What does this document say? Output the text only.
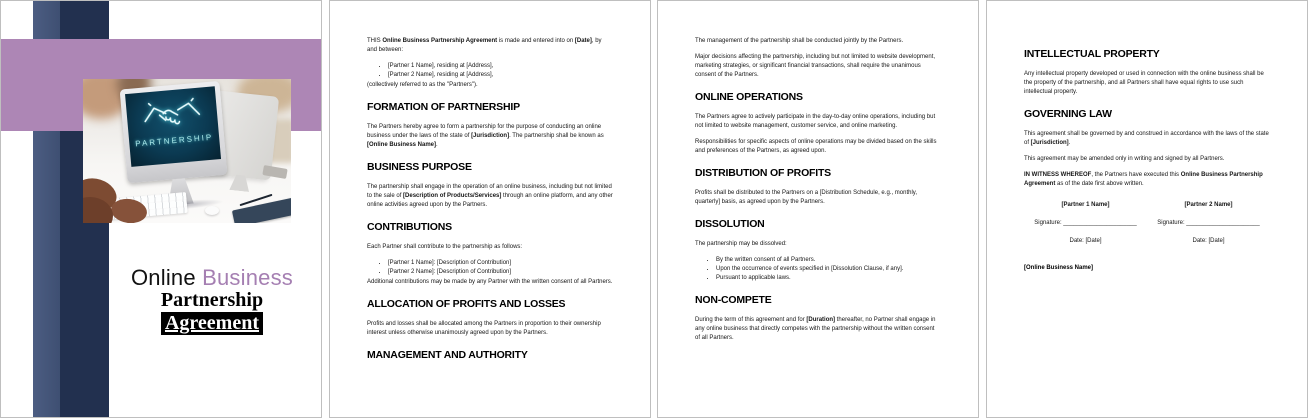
PARTNERSHIP
Online Business
Partnership
Agreement

THIS Online Business Partnership Agreement is made and entered into on [Date], by and between:

• [Partner 1 Name], residing at [Address],
• [Partner 2 Name], residing at [Address],

(collectively referred to as the "Partners").

FORMATION OF PARTNERSHIP

The Partners hereby agree to form a partnership for the purpose of conducting an online business under the laws of the state of [Jurisdiction]. The partnership shall be known as [Online Business Name].

BUSINESS PURPOSE

The partnership shall engage in the operation of an online business, including but not limited to the sale of [Description of Products/Services] through an online platform, and any other online activities agreed upon by the Partners.

CONTRIBUTIONS

Each Partner shall contribute to the partnership as follows:

• [Partner 1 Name]: [Description of Contribution]
• [Partner 2 Name]: [Description of Contribution]

Additional contributions may be made by any Partner with the written consent of all Partners.

ALLOCATION OF PROFITS AND LOSSES

Profits and losses shall be allocated among the Partners in proportion to their ownership interest unless otherwise unanimously agreed upon by the Partners.

MANAGEMENT AND AUTHORITY

The management of the partnership shall be conducted jointly by the Partners.

Major decisions affecting the partnership, including but not limited to website development, marketing strategies, or significant financial transactions, shall require the unanimous consent of the Partners.

ONLINE OPERATIONS

The Partners agree to actively participate in the day-to-day online operations, including but not limited to website management, customer service, and online marketing.

Responsibilities for specific aspects of online operations may be divided based on the skills and preferences of the Partners, as agreed upon.

DISTRIBUTION OF PROFITS

Profits shall be distributed to the Partners on a [Distribution Schedule, e.g., monthly, quarterly] basis, as agreed upon by the Partners.

DISSOLUTION

The partnership may be dissolved:

• By the written consent of all Partners.
• Upon the occurrence of events specified in [Dissolution Clause, if any].
• Pursuant to applicable laws.
NON-COMPETE

During the term of this agreement and for [Duration] thereafter, no Partner shall engage in any online business that directly competes with the partnership without the written consent of all Partners.

INTELLECTUAL PROPERTY

Any intellectual property developed or used in connection with the online business shall be the property of the partnership, and all Partners shall have equal rights to use such intellectual property.

GOVERNING LAW

This agreement shall be governed by and construed in accordance with the laws of the state of [Jurisdiction].

This agreement may be amended only in writing and signed by all Partners.

IN WITNESS WHEREOF, the Partners have executed this Online Business Partnership Agreement as of the date first above written.

[Partner 1 Name]
Signature: ______________________
Date: [Date]
[Partner 2 Name]
Signature: ______________________
Date: [Date]
[Online Business Name]
